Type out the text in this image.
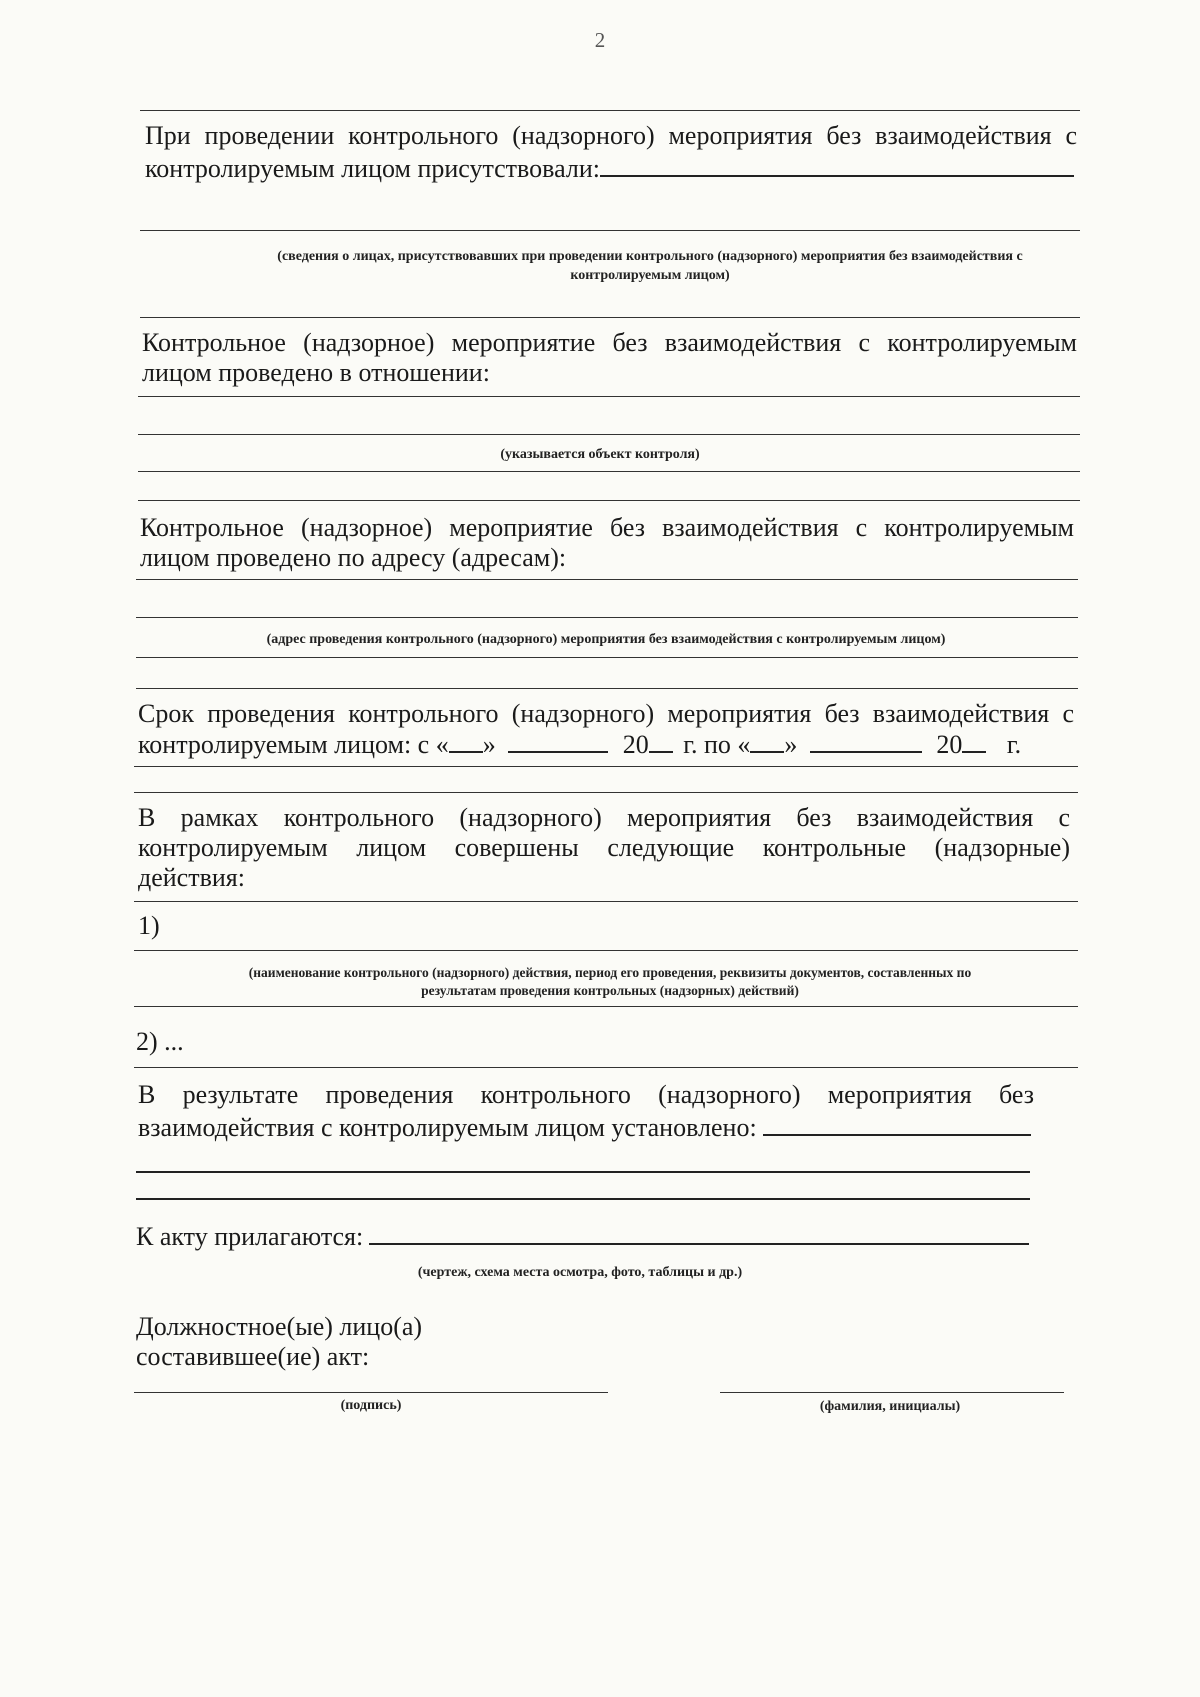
2
При проведении контрольного (надзорного) мероприятия без взаимодействия с
контролируемым лицом присутствовали:
(сведения о лицах, присутствовавших при проведении контрольного (надзорного) мероприятия без взаимодействия с
контролируемым лицом)
Контрольное (надзорное) мероприятие без взаимодействия с контролируемым
лицом проведено в отношении:
(указывается объект контроля)
Контрольное (надзорное) мероприятие без взаимодействия с контролируемым
лицом проведено по адресу (адресам):
(адрес проведения контрольного (надзорного) мероприятия без взаимодействия с контролируемым лицом)
Срок проведения контрольного (надзорного) мероприятия без взаимодействия с
контролируемым лицом: с « »	20 г. по « »	20 г.
В рамках контрольного (надзорного) мероприятия без взаимодействия с
контролируемым лицом совершены следующие контрольные (надзорные)
действия:
1)
(наименование контрольного (надзорного) действия, период его проведения, реквизиты документов, составленных по
результатам проведения контрольных (надзорных) действий)
2) ...
В результате проведения контрольного (надзорного) мероприятия без
взаимодействия с контролируемым лицом установлено:
К акту прилагаются:
(чертеж, схема места осмотра, фото, таблицы и др.)
Должностное(ые) лицо(а)
составившее(ие) акт:
(подпись)	(фамилия, инициалы)
